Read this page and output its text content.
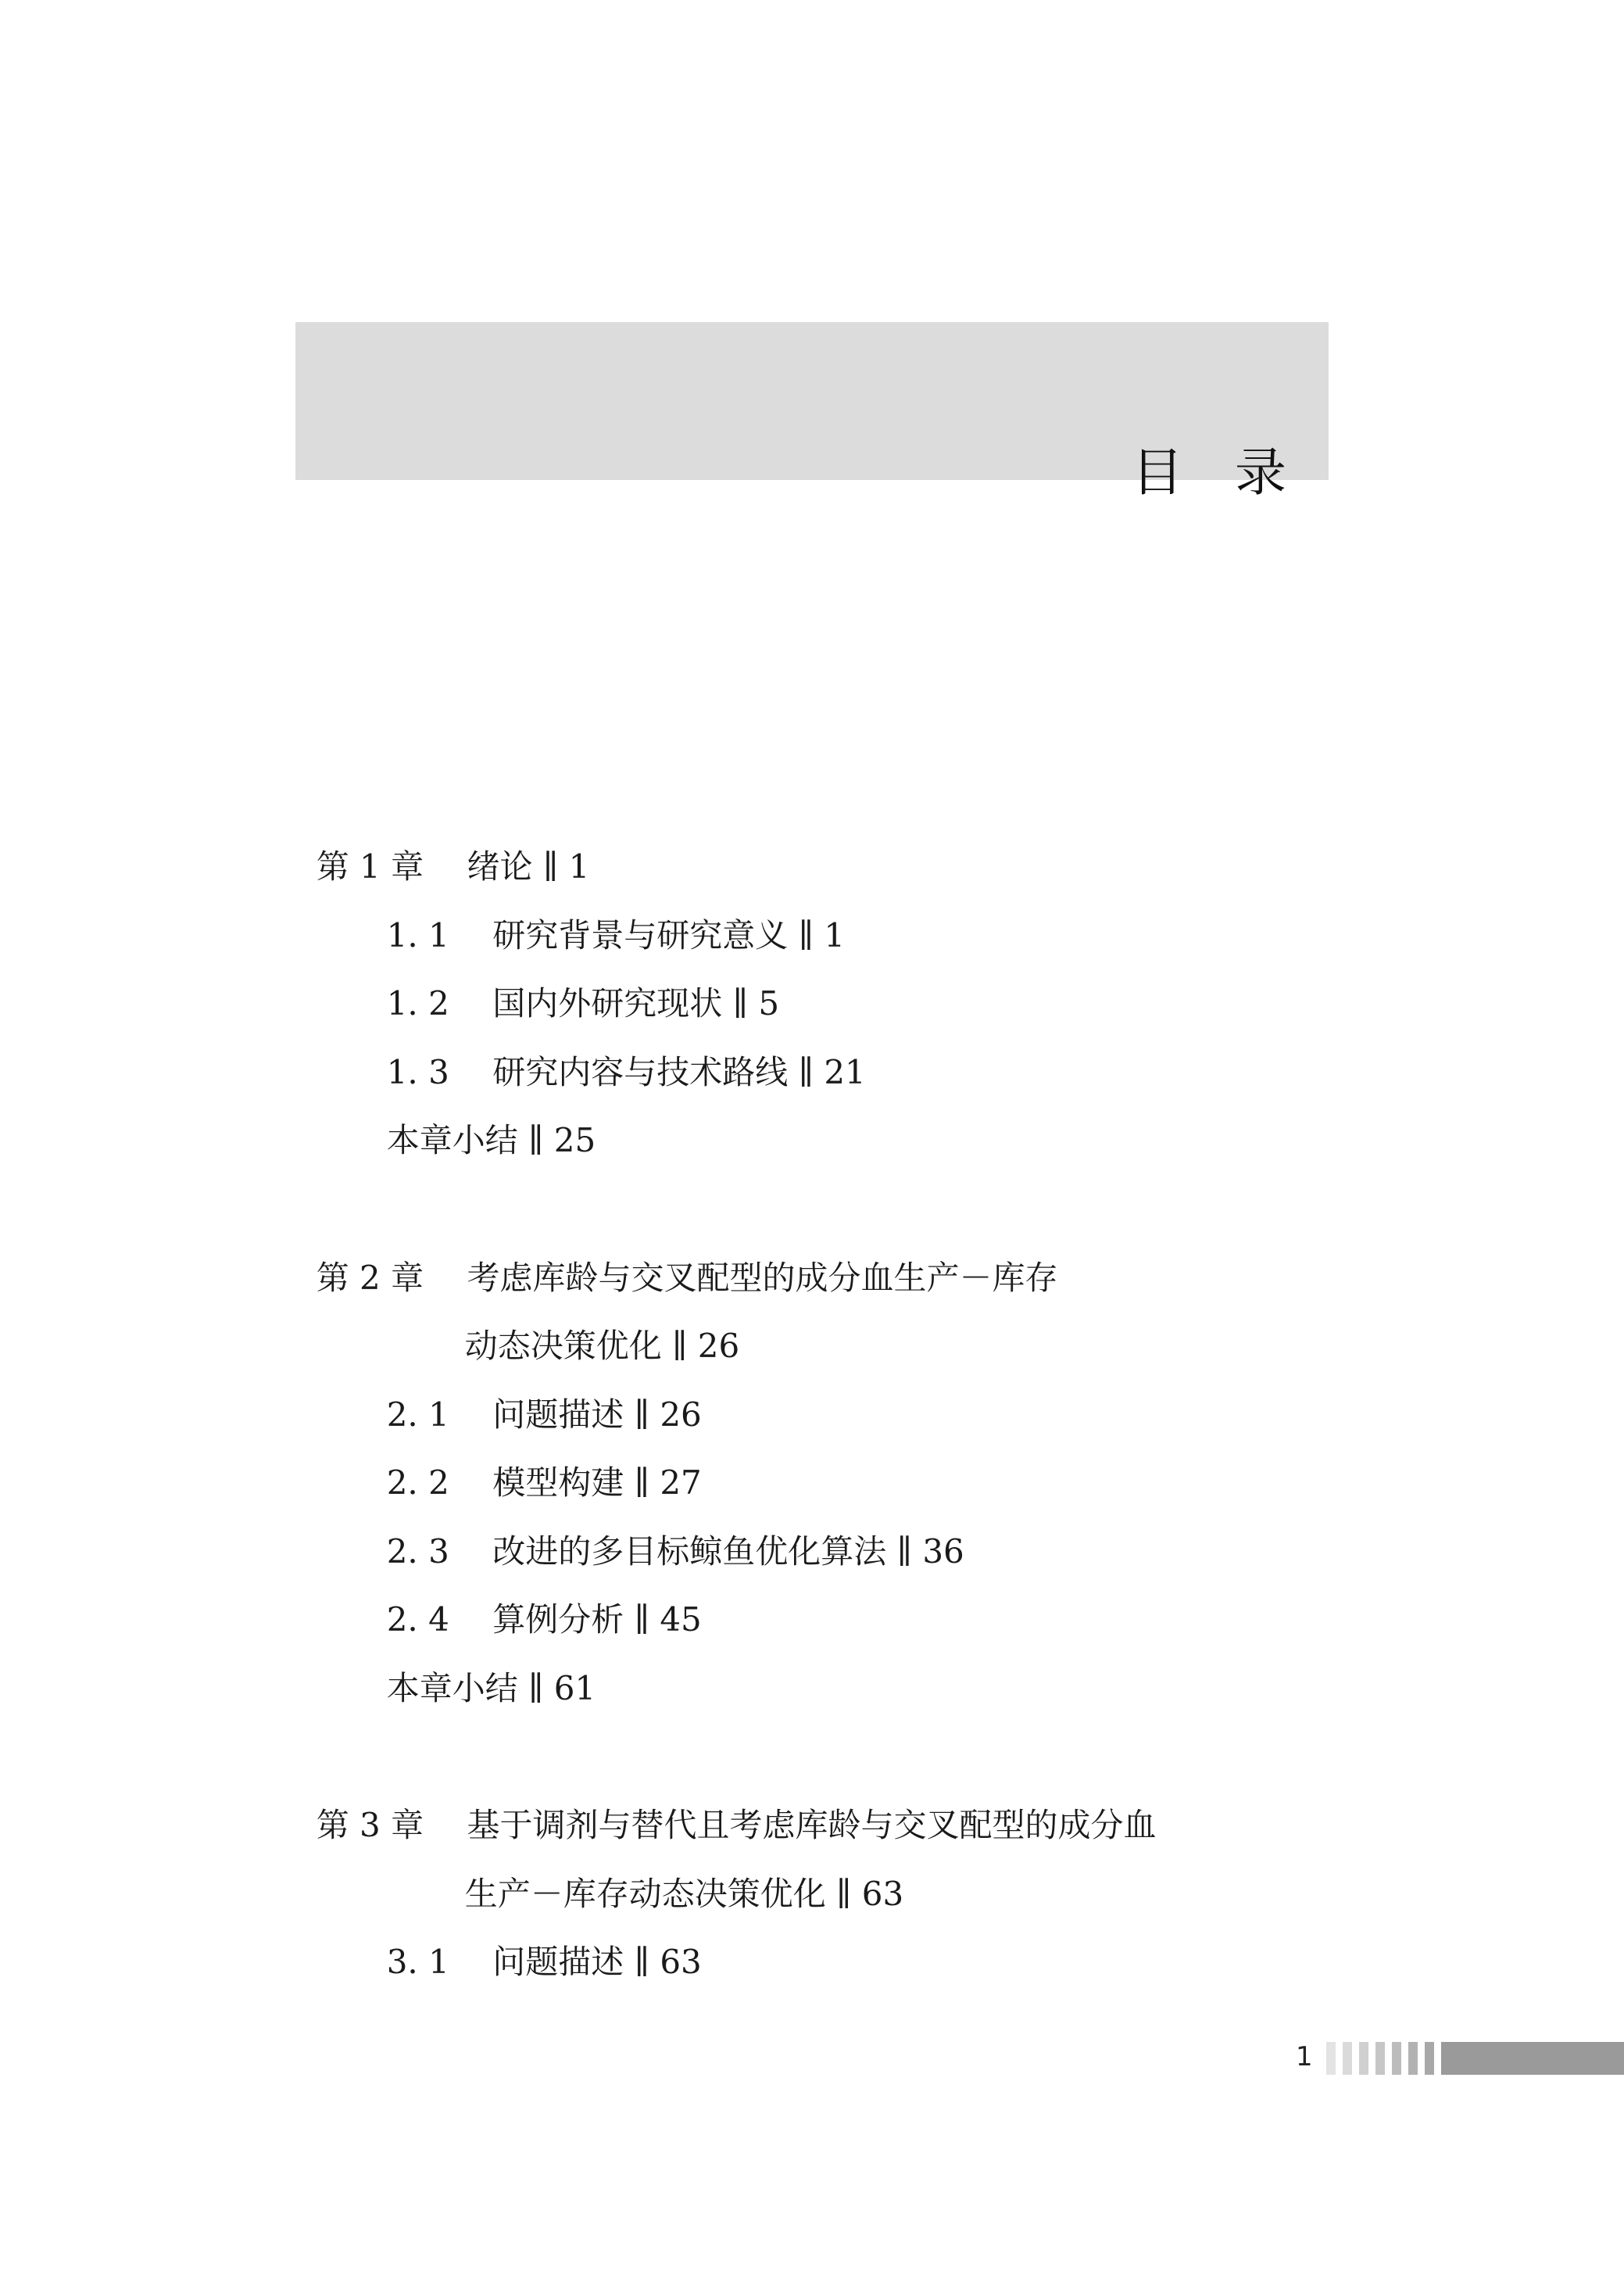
目　录

第 1 章　 绪论 ∥ 1

1. 1　 研究背景与研究意义 ∥ 1

1. 2　 国内外研究现状 ∥ 5

1. 3　 研究内容与技术路线 ∥ 21

本章小结 ∥ 25

第 2 章　 考虑库龄与交叉配型的成分血生产－库存

动态决策优化 ∥ 26

2. 1　 问题描述 ∥ 26

2. 2　 模型构建 ∥ 27

2. 3　 改进的多目标鲸鱼优化算法 ∥ 36

2. 4　 算例分析 ∥ 45

本章小结 ∥ 61

第 3 章　 基于调剂与替代且考虑库龄与交叉配型的成分血

生产－库存动态决策优化 ∥ 63

3. 1　 问题描述 ∥ 63

1
